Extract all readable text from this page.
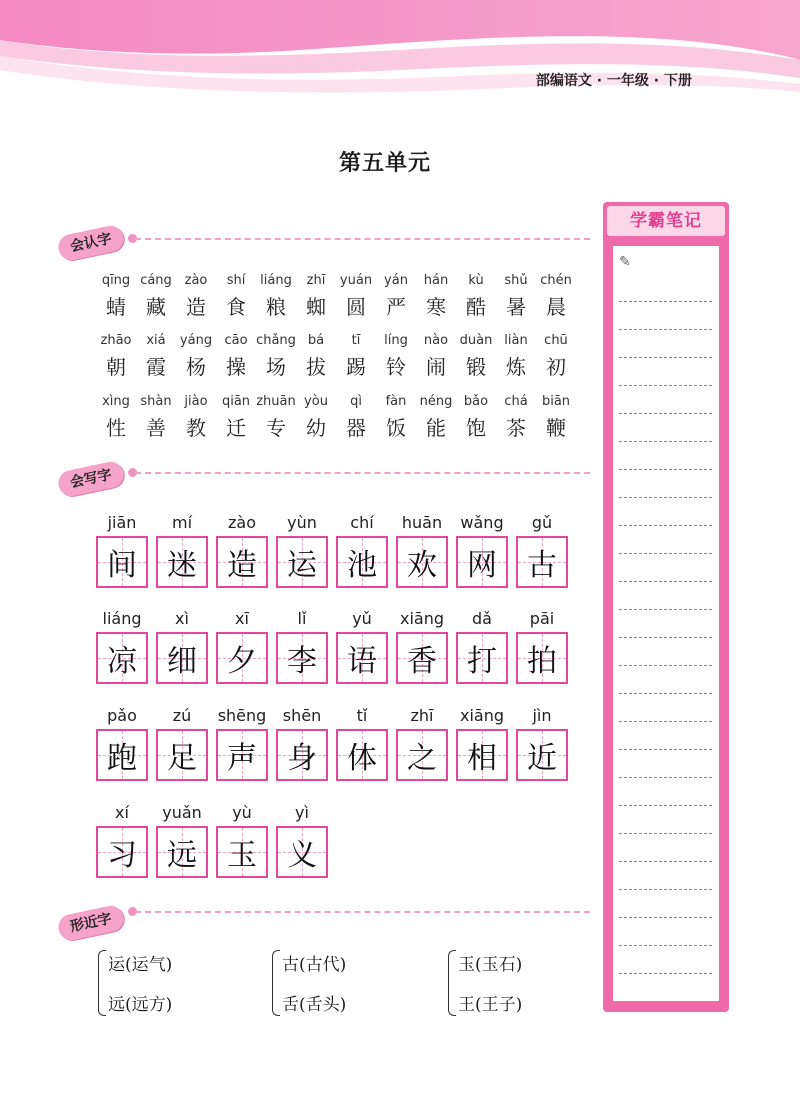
部编语文 · 一年级 · 下册
第五单元
会认字
qīng
蜻
cáng
藏
zào
造
shí
食
liáng
粮
zhī
蜘
yuán
圆
yán
严
hán
寒
kù
酷
shǔ
暑
chén
晨
zhāo
朝
xiá
霞
yáng
杨
cāo
操
chǎng
场
bá
拔
tī
踢
líng
铃
nào
闹
duàn
锻
liàn
炼
chū
初
xìng
性
shàn
善
jiào
教
qiān
迁
zhuān
专
yòu
幼
qì
器
fàn
饭
néng
能
bǎo
饱
chá
茶
biān
鞭
会写字
jiān
间
mí
迷
zào
造
yùn
运
chí
池
huān
欢
wǎng
网
gǔ
古
liáng
凉
xì
细
xī
夕
lǐ
李
yǔ
语
xiāng
香
dǎ
打
pāi
拍
pǎo
跑
zú
足
shēng
声
shēn
身
tǐ
体
zhī
之
xiāng
相
jìn
近
xí
习
yuǎn
远
yù
玉
yì
义
形近字
运(运气)
远(远方)
古(古代)
舌(舌头)
玉(玉石)
王(王子)
学霸笔记
✎
